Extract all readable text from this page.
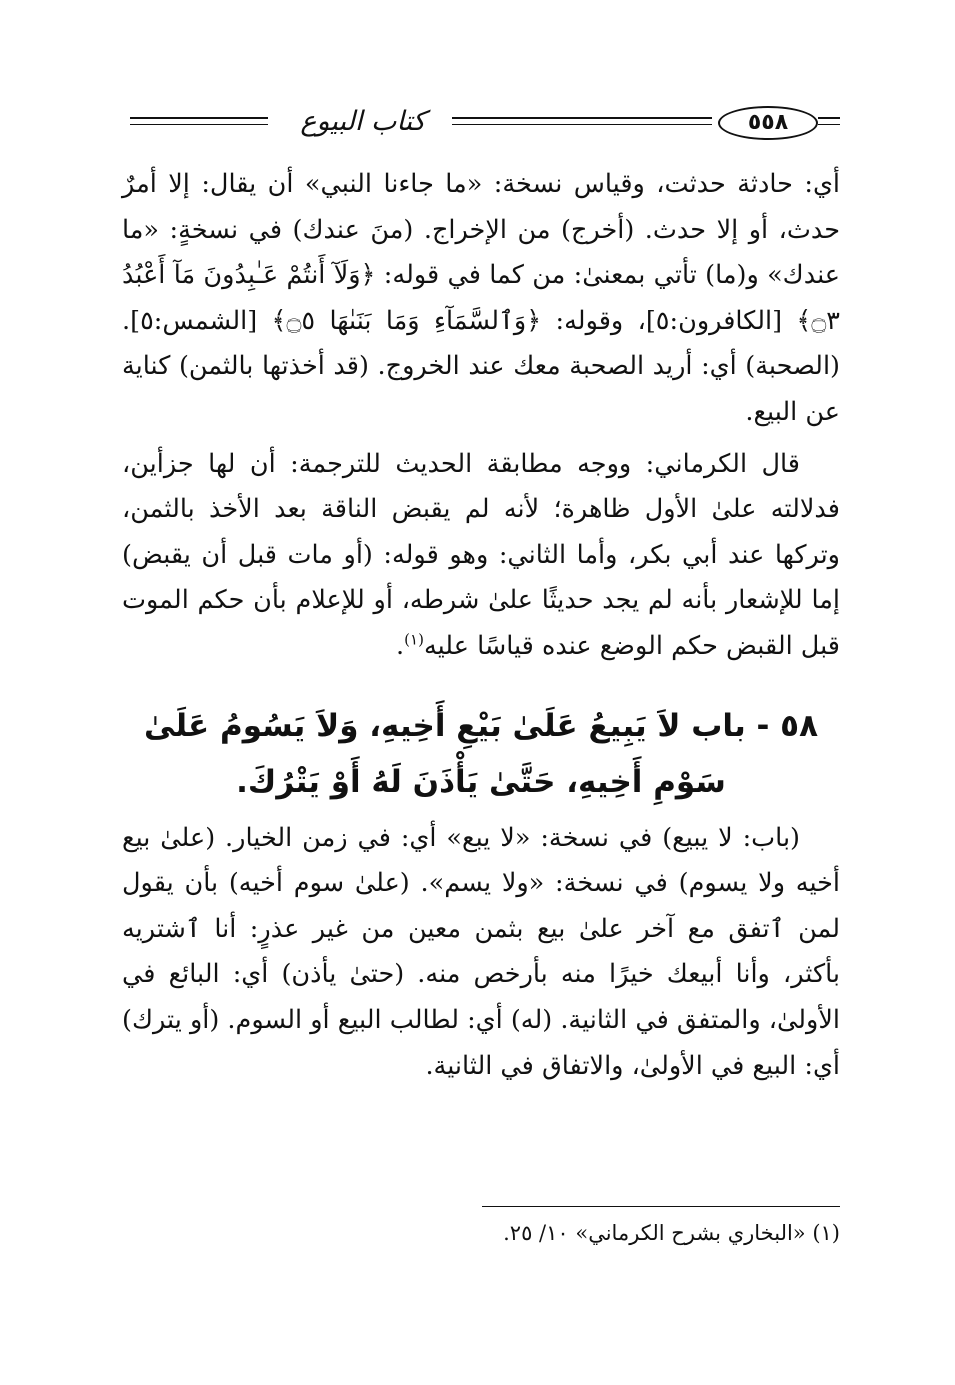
كتاب البيوع	٥٥٨

أي: حادثة حدثت، وقياس نسخة: «ما جاءنا النبي» أن يقال: إلا أمرٌ حدث، أو إلا حدث. (أخرج) من الإخراج. (منَ عندك) في نسخةٍ: «ما عندك» و(ما) تأتي بمعنىٰ: من كما في قوله: ﴿وَلَآ أَنتُمْ عَـٰبِدُونَ مَآ أَعْبُدُ ۝٣﴾ [الكافرون:٥]، وقوله: ﴿وَٱلسَّمَآءِ وَمَا بَنَىٰهَا ۝٥﴾ [الشمس:٥]. (الصحبة) أي: أريد الصحبة معك عند الخروج. (قد أخذتها بالثمن) كناية عن البيع.

قال الكرماني: ووجه مطابقة الحديث للترجمة: أن لها جزأين، فدلالته علىٰ الأول ظاهرة؛ لأنه لم يقبض الناقة بعد الأخذ بالثمن، وتركها عند أبي بكر، وأما الثاني: وهو قوله: (أو مات قبل أن يقبض) إما للإشعار بأنه لم يجد حديثًا علىٰ شرطه، أو للإعلام بأن حكم الموت قبل القبض حكم الوضع عنده قياسًا عليه$^{(١)}$.

٥٨ - باب لاَ يَبِيعُ عَلَىٰ بَيْعِ أَخِيهِ، وَلاَ يَسُومُ عَلَىٰ سَوْمِ أَخِيهِ، حَتَّىٰ يَأْذَنَ لَهُ أَوْ يَتْرُكَ.

(باب: لا يبيع) في نسخة: «لا يبع» أي: في زمن الخيار. (علىٰ بيع أخيه ولا يسوم) في نسخة: «ولا يسم». (علىٰ سوم أخيه) بأن يقول لمن ٱتفق مع آخر علىٰ بيع بثمن معين من غير عذرٍ: أنا ٱشتريه بأكثر، وأنا أبيعك خيرًا منه بأرخص منه. (حتىٰ يأذن) أي: البائع في الأولىٰ، والمتفق في الثانية. (له) أي: لطالب البيع أو السوم. (أو يترك) أي: البيع في الأولىٰ، والاتفاق في الثانية.

(١) «البخاري بشرح الكرماني» ١٠/ ٢٥.
